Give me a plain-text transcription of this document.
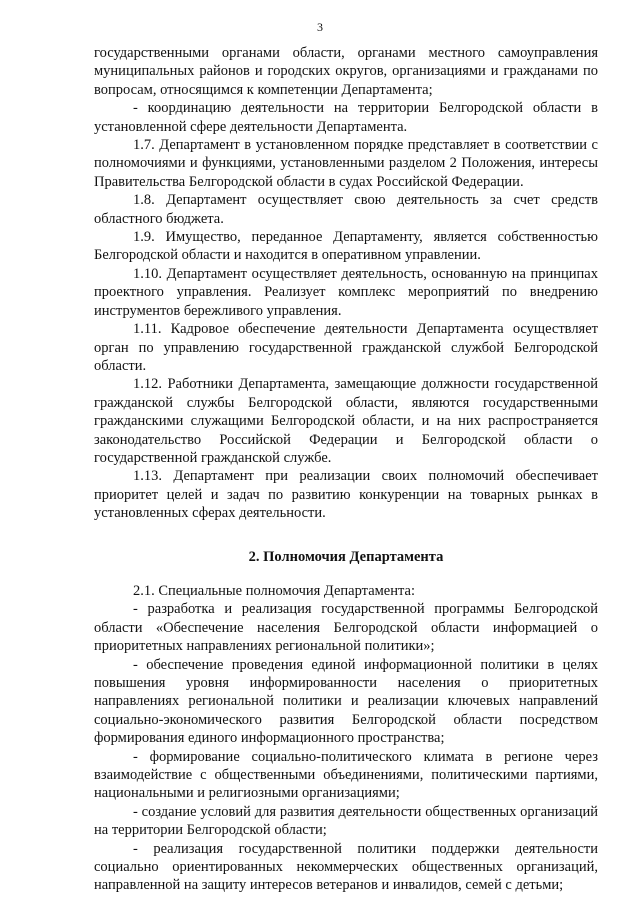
3

государственными органами области, органами местного самоуправления муниципальных районов и городских округов, организациями и гражданами по вопросам, относящимся к компетенции Департамента;

- координацию деятельности на территории Белгородской области в установленной сфере деятельности Департамента.

1.7. Департамент в установленном порядке представляет в соответствии с полномочиями и функциями, установленными разделом 2 Положения, интересы Правительства Белгородской области в судах Российской Федерации.

1.8. Департамент осуществляет свою деятельность за счет средств областного бюджета.

1.9. Имущество, переданное Департаменту, является собственностью Белгородской области и находится в оперативном управлении.

1.10. Департамент осуществляет деятельность, основанную на принципах проектного управления. Реализует комплекс мероприятий по внедрению инструментов бережливого управления.

1.11. Кадровое обеспечение деятельности Департамента осуществляет орган по управлению государственной гражданской службой Белгородской области.

1.12. Работники Департамента, замещающие должности государственной гражданской службы Белгородской области, являются государственными гражданскими служащими Белгородской области, и на них распространяется законодательство Российской Федерации и Белгородской области о государственной гражданской службе.

1.13. Департамент при реализации своих полномочий обеспечивает приоритет целей и задач по развитию конкуренции на товарных рынках в установленных сферах деятельности.

2. Полномочия Департамента

2.1. Специальные полномочия Департамента:

- разработка и реализация государственной программы Белгородской области «Обеспечение населения Белгородской области информацией о приоритетных направлениях региональной политики»;

- обеспечение проведения единой информационной политики в целях повышения уровня информированности населения о приоритетных направлениях региональной политики и реализации ключевых направлений социально-экономического развития Белгородской области посредством формирования единого информационного пространства;

- формирование социально-политического климата в регионе через взаимодействие с общественными объединениями, политическими партиями, национальными и религиозными организациями;

- создание условий для развития деятельности общественных организаций на территории Белгородской области;

- реализация государственной политики поддержки деятельности социально ориентированных некоммерческих общественных организаций, направленной на защиту интересов ветеранов и инвалидов, семей с детьми;
